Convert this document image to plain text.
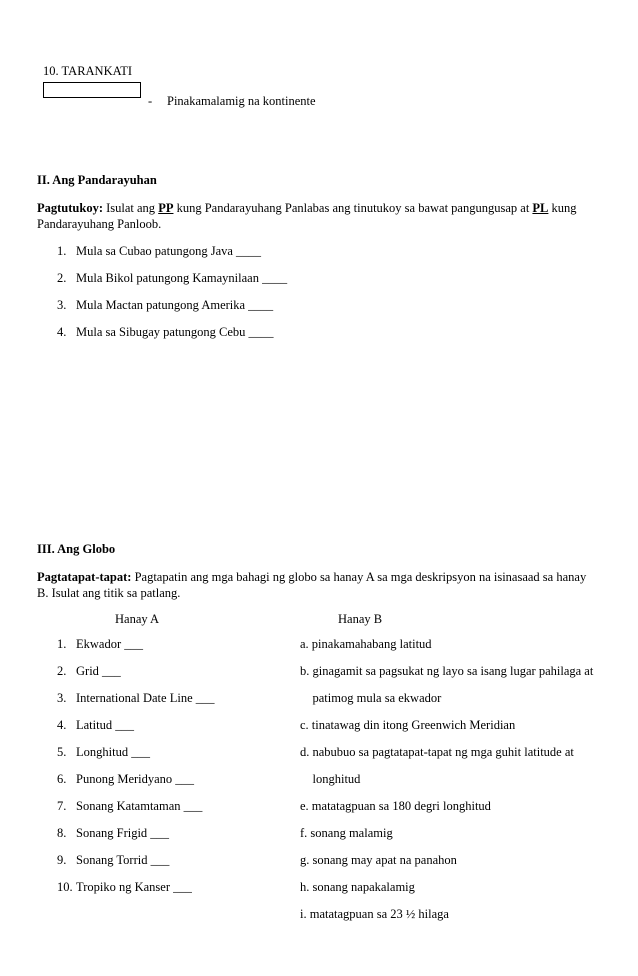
10. TARANKATI
- Pinakamalamig na kontinente
II. Ang Pandarayuhan
Pagtutukoy: Isulat ang PP kung Pandarayuhang Panlabas ang tinutukoy sa bawat pangungusap at PL kung
Pandarayuhang Panloob.
1. Mula sa Cubao patungong Java ____
2. Mula Bikol patungong Kamaynilaan ____
3. Mula Mactan patungong Amerika ____
4. Mula sa Sibugay patungong Cebu ____
III. Ang Globo
Pagtatapat-tapat: Pagtapatin ang mga bahagi ng globo sa hanay A sa mga deskripsyon na isinasaad sa hanay
B. Isulat ang titik sa patlang.
Hanay A	Hanay B
1. Ekwador ___
2. Grid ___
3. International Date Line ___
4. Latitud ___
5. Longhitud ___
6. Punong Meridyano ___
7. Sonang Katamtaman ___
8. Sonang Frigid ___
9. Sonang Torrid ___
10. Tropiko ng Kanser ___
a. pinakamahabang latitud
b. ginagamit sa pagsukat ng layo sa isang lugar pahilaga at
patimog mula sa ekwador
c. tinatawag din itong Greenwich Meridian
d. nabubuo sa pagtatapat-tapat ng mga guhit latitude at
longhitud
e. matatagpuan sa 180 degri longhitud
f. sonang malamig
g. sonang may apat na panahon
h. sonang napakalamig
i. matatagpuan sa 23 ½ hilaga
